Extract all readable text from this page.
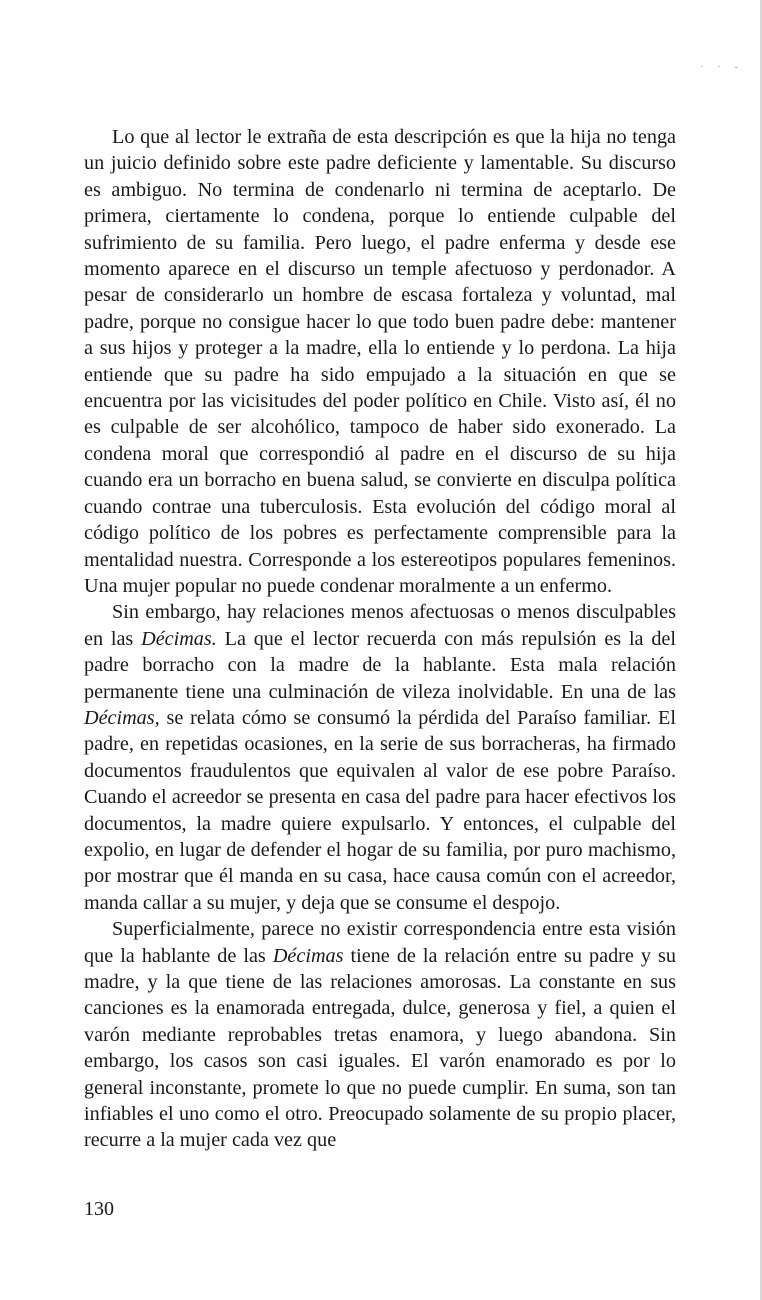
·​·​‐

Lo que al lector le extraña de esta descripción es que la hija no tenga un juicio definido sobre este padre deficiente y lamentable. Su discurso es ambiguo. No termina de condenarlo ni termina de aceptarlo. De primera, ciertamente lo condena, porque lo entiende culpable del sufrimiento de su familia. Pero luego, el padre enferma y desde ese momento aparece en el discurso un temple afectuoso y perdonador. A pesar de considerarlo un hombre de escasa fortaleza y voluntad, mal padre, porque no consigue hacer lo que todo buen padre debe: mantener a sus hijos y proteger a la madre, ella lo entiende y lo perdona. La hija entiende que su padre ha sido empujado a la situación en que se encuentra por las vicisitudes del poder político en Chile. Visto así, él no es culpable de ser alcohólico, tampoco de haber sido exonerado. La condena moral que correspondió al padre en el discurso de su hija cuando era un borracho en buena salud, se convierte en disculpa política cuando contrae una tuberculosis. Esta evolución del código moral al código político de los pobres es perfectamente comprensible para la mentalidad nuestra. Corresponde a los estereotipos populares femeninos. Una mujer popular no puede condenar moralmente a un enfermo.

Sin embargo, hay relaciones menos afectuosas o menos disculpables en las Décimas. La que el lector recuerda con más repulsión es la del padre borracho con la madre de la hablante. Esta mala relación permanente tiene una culminación de vileza inolvidable. En una de las Décimas, se relata cómo se consumó la pérdida del Paraíso familiar. El padre, en repetidas ocasiones, en la serie de sus borracheras, ha firmado documentos fraudulentos que equivalen al valor de ese pobre Paraíso. Cuando el acreedor se presenta en casa del padre para hacer efectivos los documentos, la madre quiere expulsarlo. Y entonces, el culpable del expolio, en lugar de defender el hogar de su familia, por puro machismo, por mostrar que él manda en su casa, hace causa común con el acreedor, manda callar a su mujer, y deja que se consume el despojo.

Superficialmente, parece no existir correspondencia entre esta visión que la hablante de las Décimas tiene de la relación entre su padre y su madre, y la que tiene de las relaciones amorosas. La constante en sus canciones es la enamorada entregada, dulce, generosa y fiel, a quien el varón mediante reprobables tretas enamora, y luego abandona. Sin embargo, los casos son casi iguales. El varón enamorado es por lo general inconstante, promete lo que no puede cumplir. En suma, son tan infiables el uno como el otro. Preocupado solamente de su propio placer, recurre a la mujer cada vez que

130
